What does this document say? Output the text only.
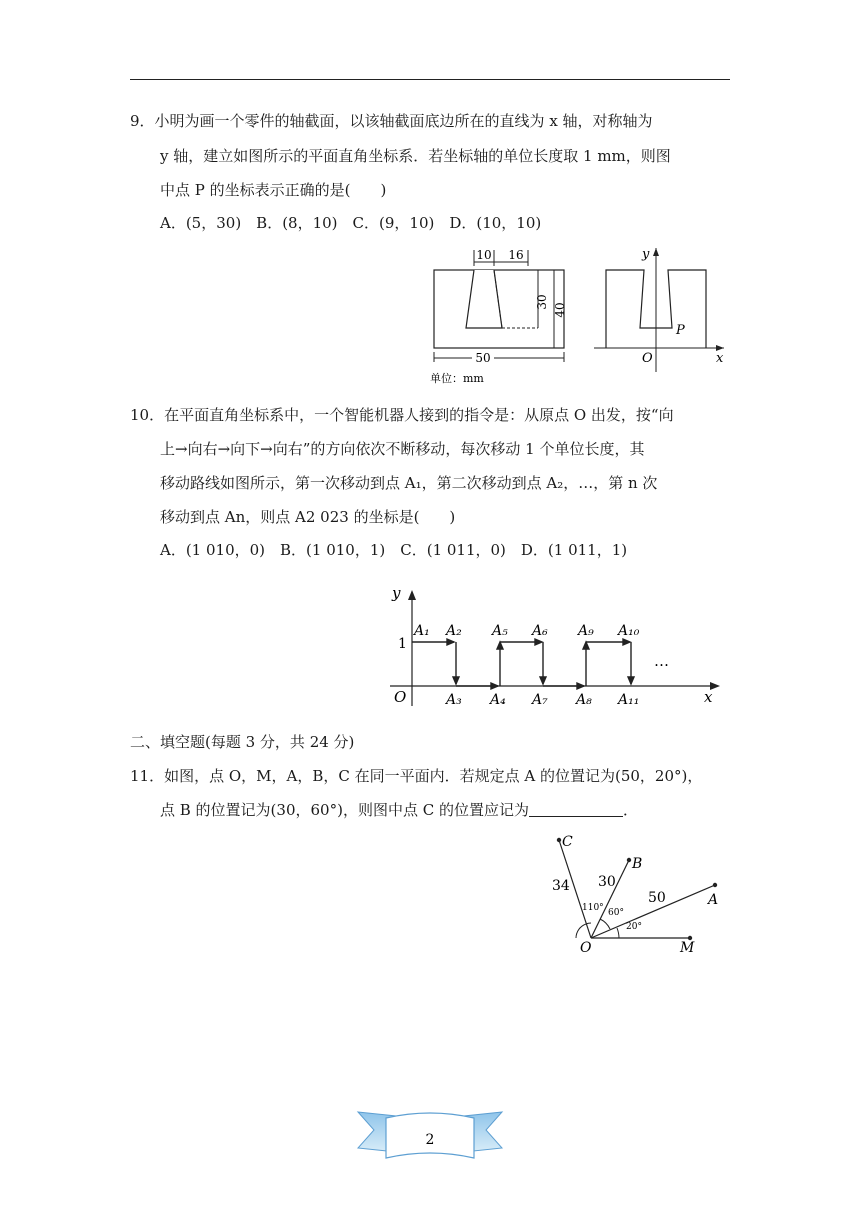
9．小明为画一个零件的轴截面，以该轴截面底边所在的直线为 x 轴，对称轴为
y 轴，建立如图所示的平面直角坐标系．若坐标轴的单位长度取 1 mm，则图
中点 P 的坐标表示正确的是(　　)
A．(5，30)　B．(8，10)　C．(9，10)　D．(10，10)
10 16
30
40
50
单位：mm
y
x
O
P
10．在平面直角坐标系中，一个智能机器人接到的指令是：从原点 O 出发，按“向
上→向右→向下→向右”的方向依次不断移动，每次移动 1 个单位长度，其
移动路线如图所示，第一次移动到点 A₁，第二次移动到点 A₂，…，第 n 次
移动到点 An，则点 A2 023 的坐标是(　　)
A．(1 010，0)　B．(1 010，1)　C．(1 011，0)　D．(1 011，1)
y
x
O
1
…
A₁ A₂ A₅ A₆ A₉ A₁₀
A₃ A₄ A₇ A₈ A₁₁
二、填空题(每题 3 分，共 24 分)
11．如图，点 O，M，A，B，C 在同一平面内．若规定点 A 的位置记为(50，20°)，
点 B 的位置记为(30，60°)，则图中点 C 的位置应记为	．
C
B
A
O	M
34 30
50
110° 60°
20°
2
